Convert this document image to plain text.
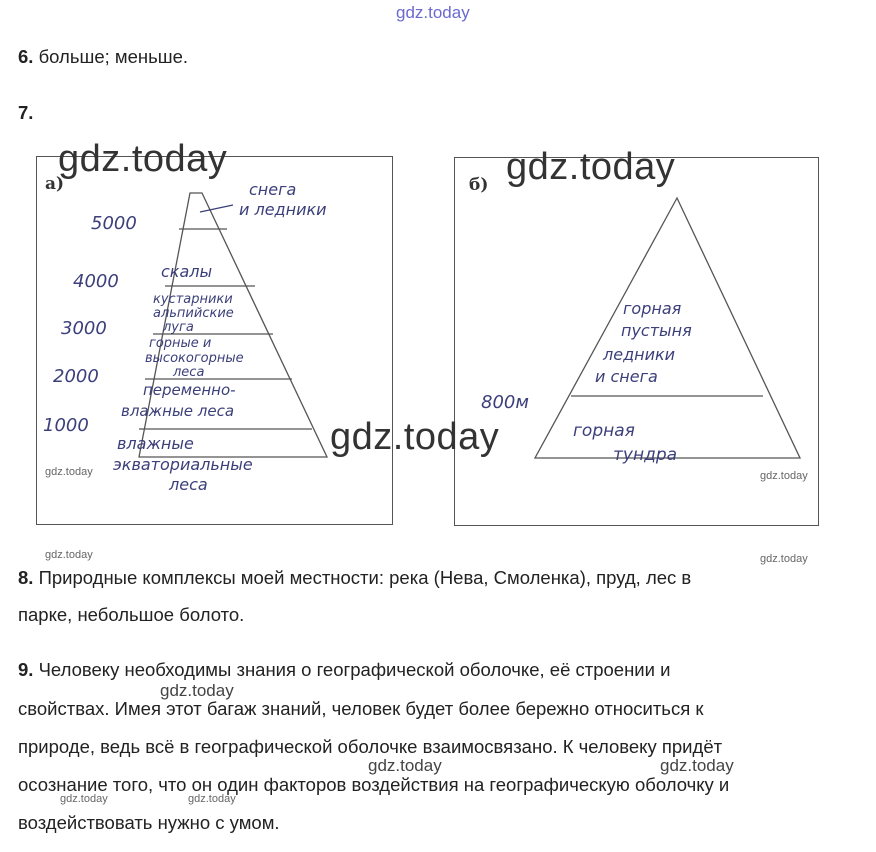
gdz.today
6. больше; меньше.
7.
а)
5000
4000
3000
2000
1000
снега
и ледники
скалы
кустарники
альпийские
луга
горные и
высокогорные
леса
переменно-
влажные леса
влажные
экваториальные
леса
б)
800м
горная
пустыня
ледники
и снега
горная
тундра
gdz.today	gdz.today
gdz.today
gdz.today	gdz.today
gdz.today	gdz.today
8. Природные комплексы моей местности: река (Нева, Смоленка), пруд, лес в
парке, небольшое болото.
9. Человеку необходимы знания о географической оболочке, её строении и
свойствах. Имея этот багаж знаний, человек будет более бережно относиться к
природе, ведь всё в географической оболочке взаимосвязано. К человеку придёт
осознание того, что он один факторов воздействия на географическую оболочку и
воздействовать нужно с умом.
gdz.today
gdz.today	gdz.today
gdz.today	gdz.today
